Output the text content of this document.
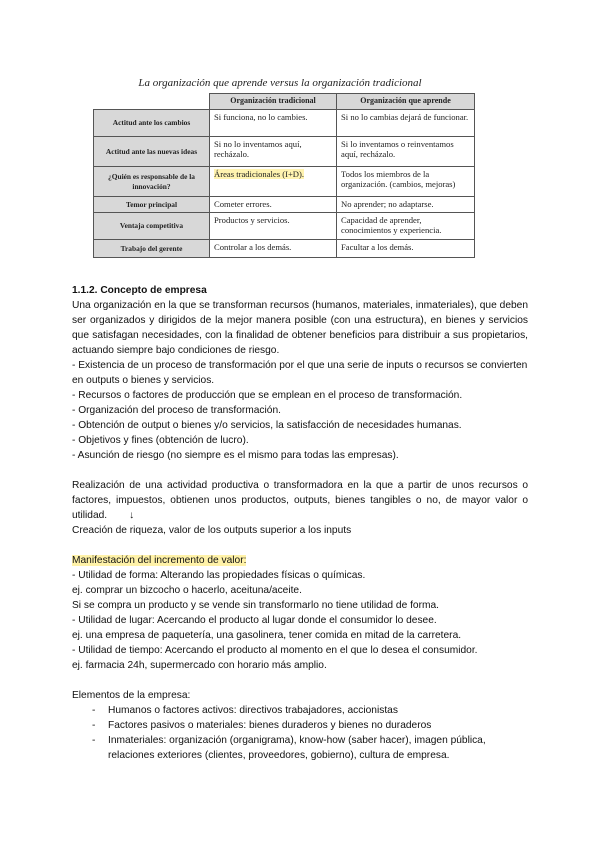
La organización que aprende versus la organización tradicional
	Organización tradicional	Organización que aprende
Actitud ante los cambios	Si funciona, no lo cambies.	Si no lo cambias dejará de funcionar.
Actitud ante las nuevas ideas	Si no lo inventamos aquí, recházalo.	Si lo inventamos o reinventamos aquí, recházalo.
¿Quién es responsable de la innovación?	Áreas tradicionales (I+D).	Todos los miembros de la organización. (cambios, mejoras)
Temor principal	Cometer errores.	No aprender; no adaptarse.
Ventaja competitiva	Productos y servicios.	Capacidad de aprender, conocimientos y experiencia.
Trabajo del gerente	Controlar a los demás.	Facultar a los demás.

1.1.2. Concepto de empresa

Una organización en la que se transforman recursos (humanos, materiales, inmateriales), que deben ser organizados y dirigidos de la mejor manera posible (con una estructura), en bienes y servicios que satisfagan necesidades, con la finalidad de obtener beneficios para distribuir a sus propietarios, actuando siempre bajo condiciones de riesgo.

- Existencia de un proceso de transformación por el que una serie de inputs o recursos se convierten en outputs o bienes y servicios.

- Recursos o factores de producción que se emplean en el proceso de transformación.

- Organización del proceso de transformación.

- Obtención de output o bienes y/o servicios, la satisfacción de necesidades humanas.

- Objetivos y fines (obtención de lucro).

- Asunción de riesgo (no siempre es el mismo para todas las empresas).

Realización de una actividad productiva o transformadora en la que a partir de unos recursos o factores, impuestos, obtienen unos productos, outputs, bienes tangibles o no, de mayor valor o utilidad. ↓

Creación de riqueza, valor de los outputs superior a los inputs

Manifestación del incremento de valor:

- Utilidad de forma: Alterando las propiedades físicas o químicas.

ej. comprar un bizcocho o hacerlo, aceituna/aceite.

Si se compra un producto y se vende sin transformarlo no tiene utilidad de forma.

- Utilidad de lugar: Acercando el producto al lugar donde el consumidor lo desee.

ej. una empresa de paquetería, una gasolinera, tener comida en mitad de la carretera.

- Utilidad de tiempo: Acercando el producto al momento en el que lo desea el consumidor.

ej. farmacia 24h, supermercado con horario más amplio.

Elementos de la empresa:

- Humanos o factores activos: directivos trabajadores, accionistas
- Factores pasivos o materiales: bienes duraderos y bienes no duraderos
- Inmateriales: organización (organigrama), know-how (saber hacer), imagen pública, relaciones exteriores (clientes, proveedores, gobierno), cultura de empresa.
